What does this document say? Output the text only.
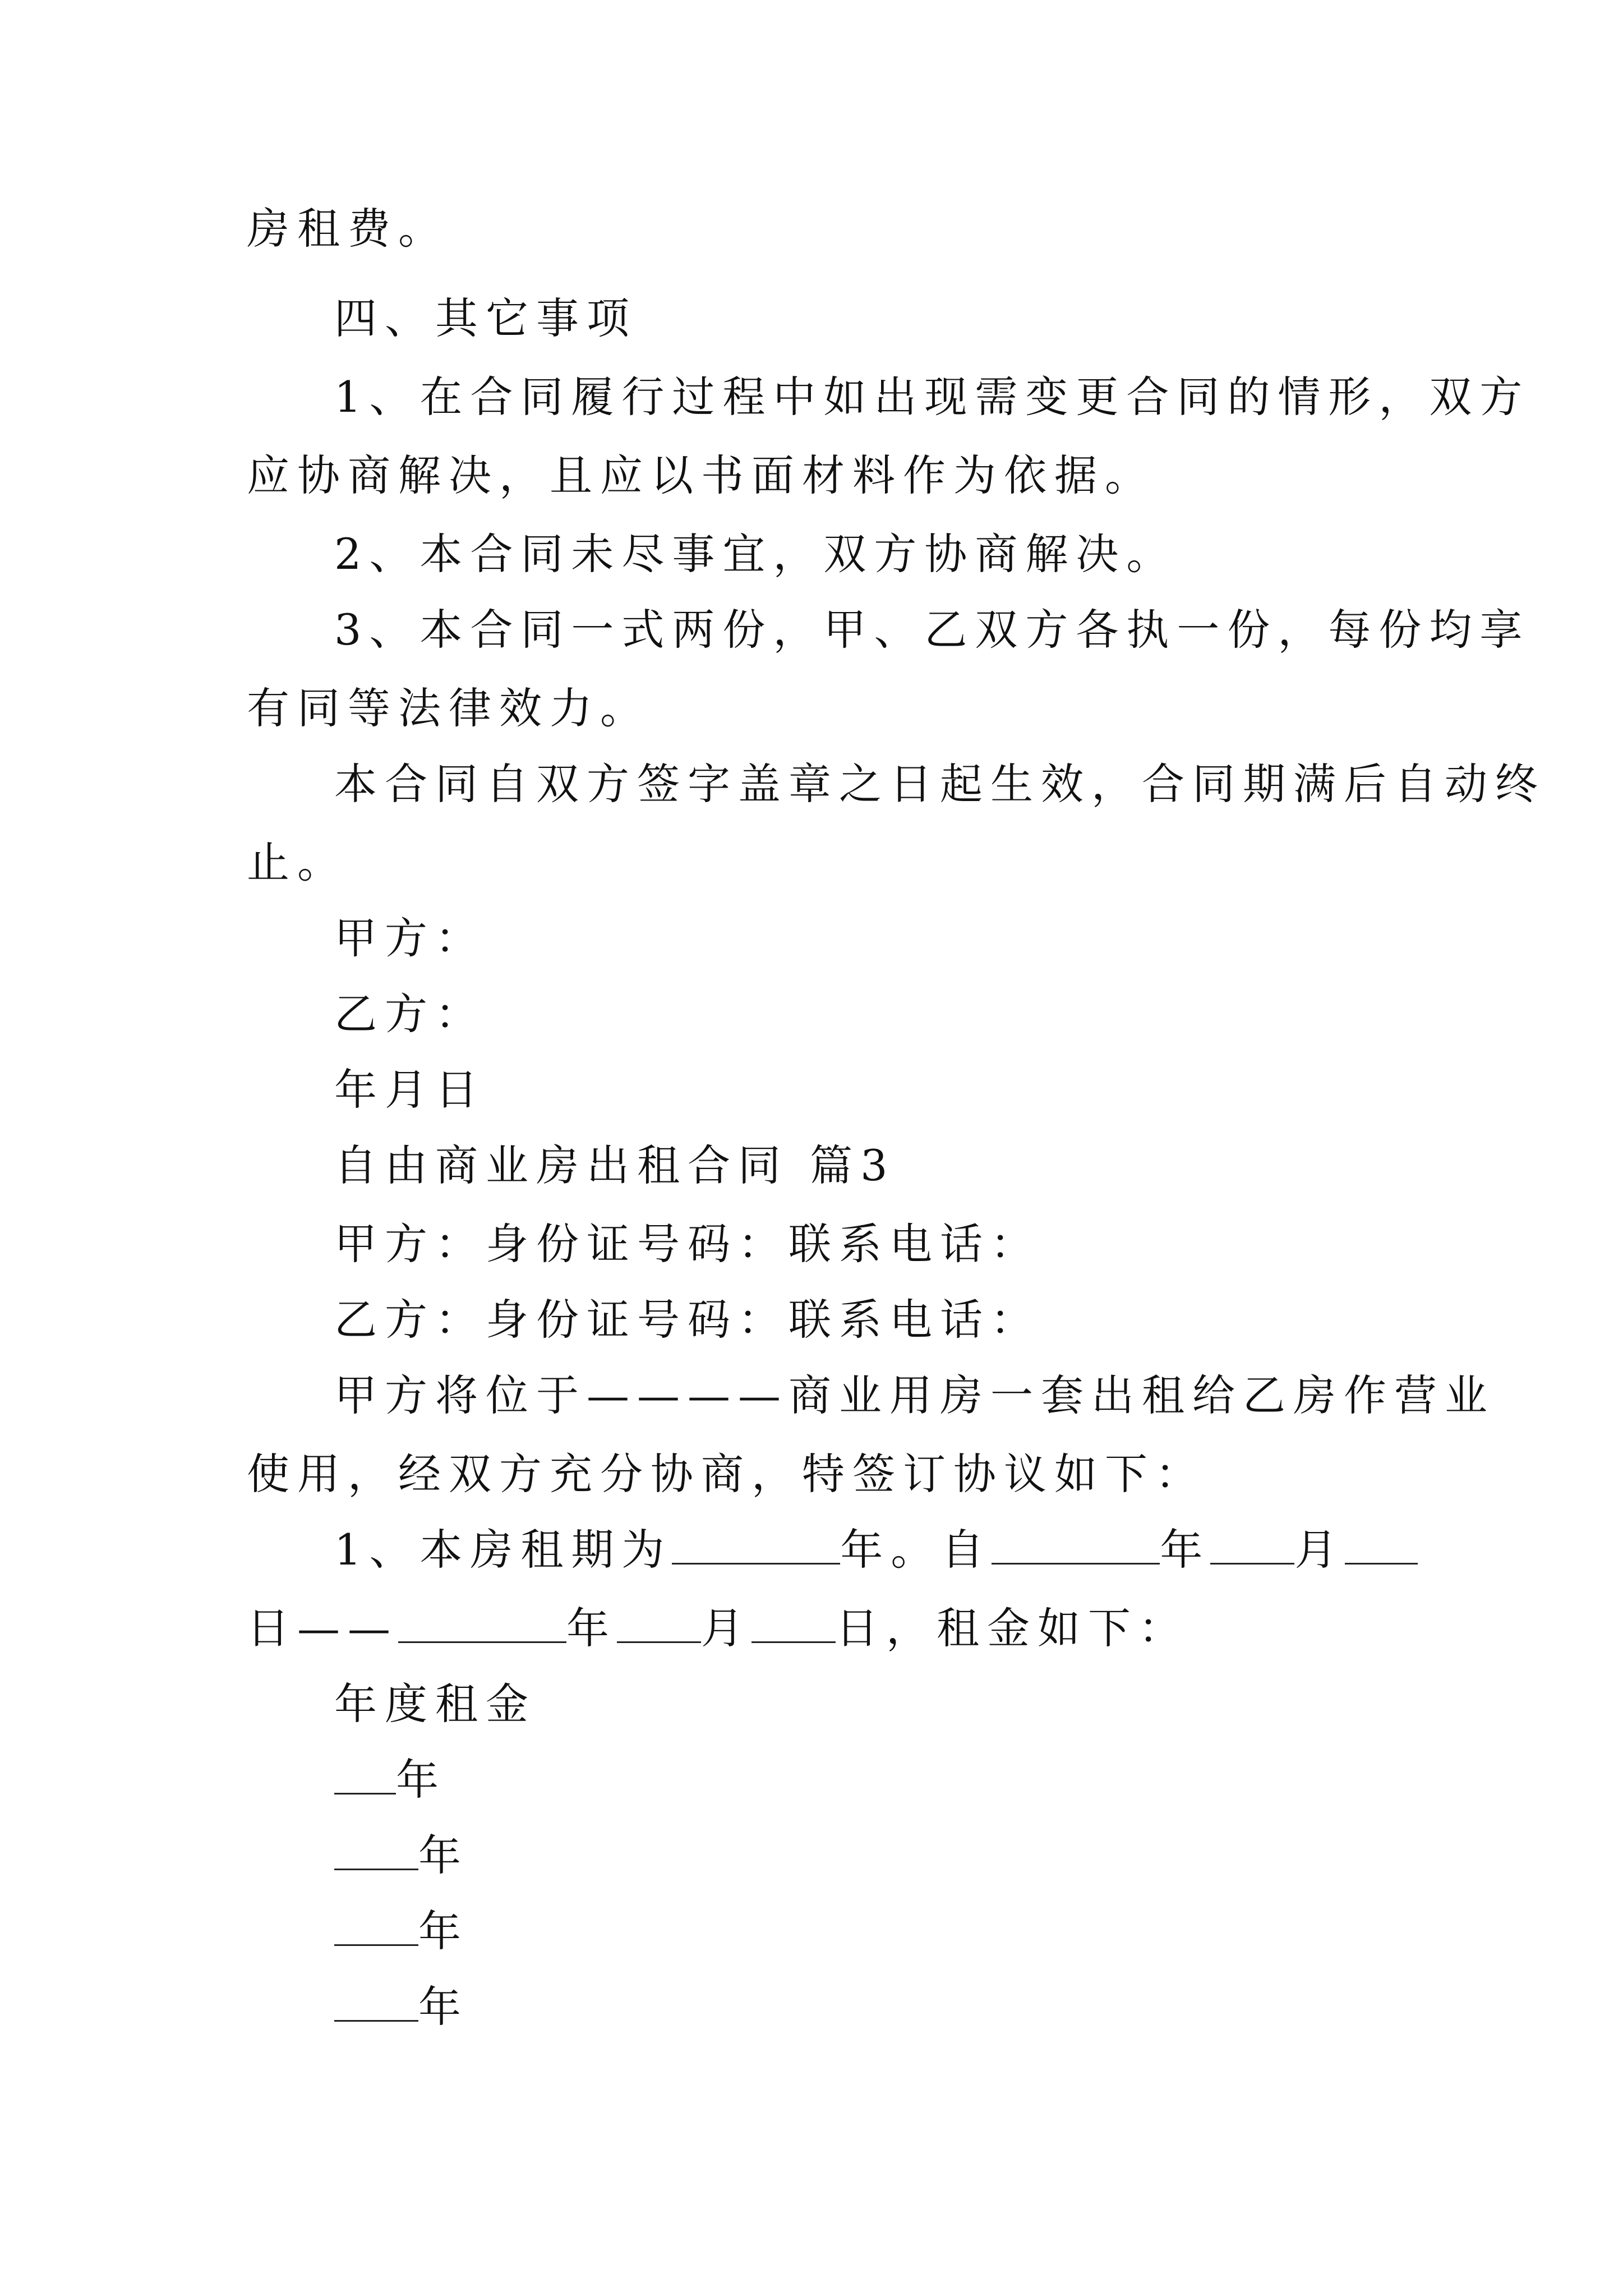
房租费。
四、其它事项
1、在合同履行过程中如出现需变更合同的情形，双方
应协商解决，且应以书面材料作为依据。
2、本合同未尽事宜，双方协商解决。
3、本合同一式两份，甲、乙双方各执一份，每份均享
有同等法律效力。
本合同自双方签字盖章之日起生效，合同期满后自动终
止。
甲方：
乙方：
年月日
自由商业房出租合同 篇3
甲方：身份证号码：联系电话：
乙方：身份证号码：联系电话：
甲方将位于————商业用房一套出租给乙房作营业
使用，经双方充分协商，特签订协议如下：
1、本房租期为	年。自	年 月
日——	年 月 日，租金如下：
年度租金
年
年
年
年
